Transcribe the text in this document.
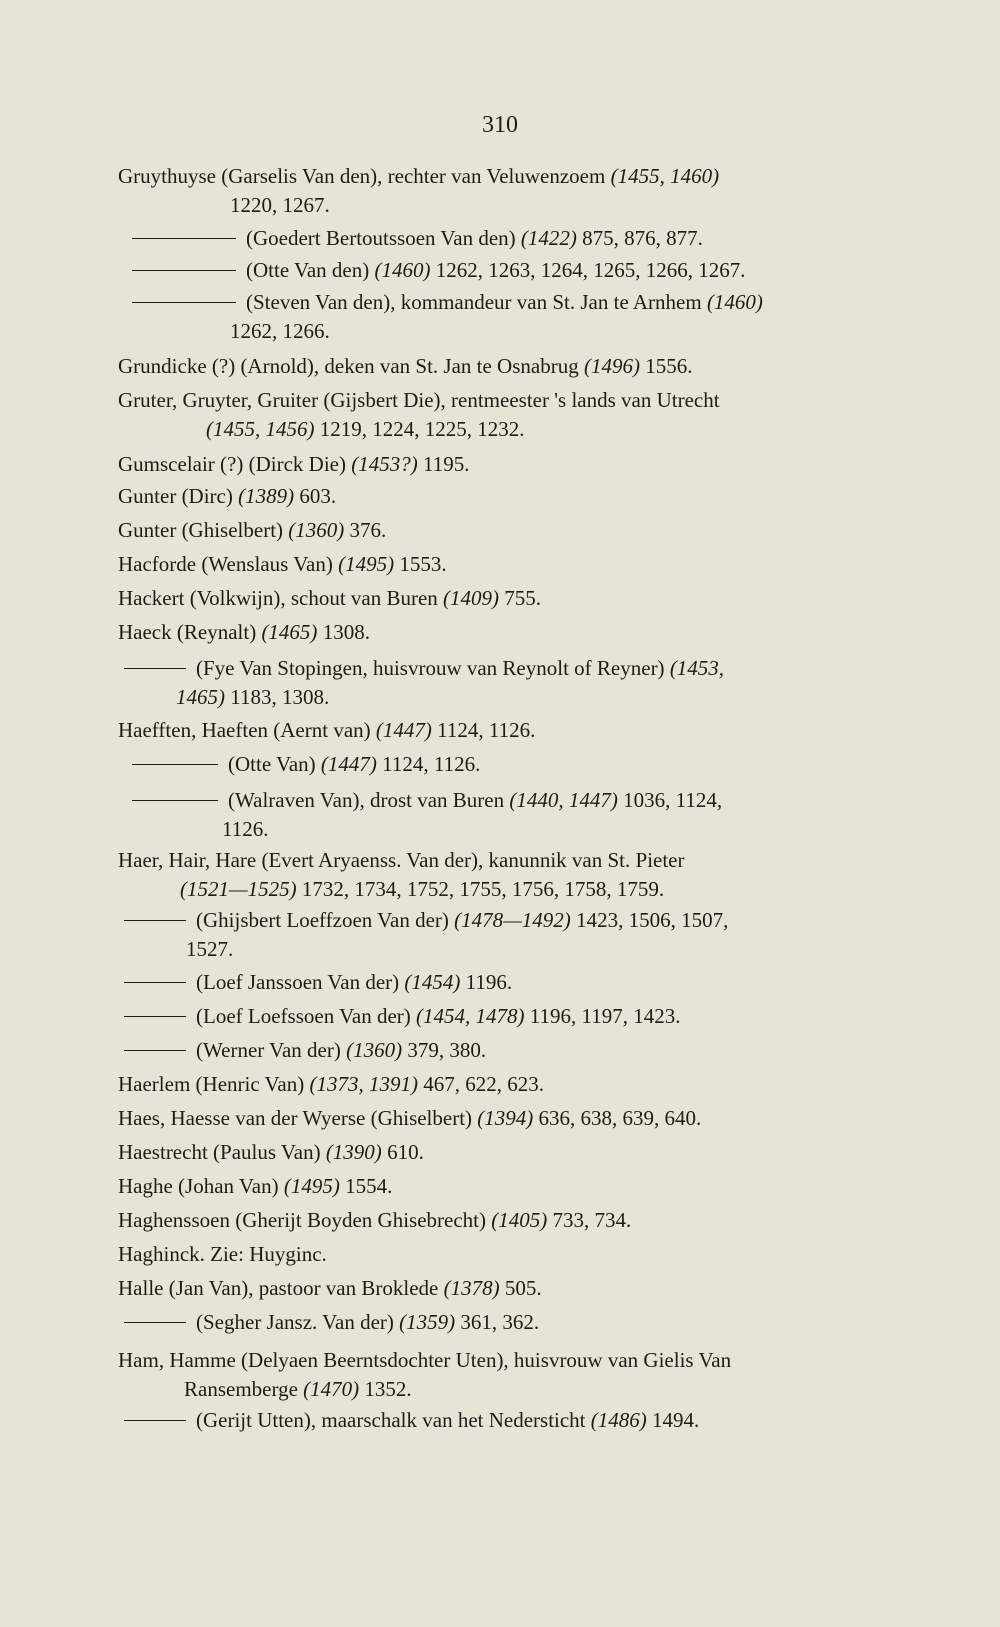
310
Gruythuyse (Garselis Van den), rechter van Veluwenzoem (1455, 1460)
1220, 1267.
(Goedert Bertoutssoen Van den) (1422) 875, 876, 877.
(Otte Van den) (1460) 1262, 1263, 1264, 1265, 1266, 1267.
(Steven Van den), kommandeur van St. Jan te Arnhem (1460)
1262, 1266.
Grundicke (?) (Arnold), deken van St. Jan te Osnabrug (1496) 1556.
Gruter, Gruyter, Gruiter (Gijsbert Die), rentmeester 's lands van Utrecht
(1455, 1456) 1219, 1224, 1225, 1232.
Gumscelair (?) (Dirck Die) (1453?) 1195.
Gunter (Dirc) (1389) 603.
Gunter (Ghiselbert) (1360) 376.
Hacforde (Wenslaus Van) (1495) 1553.
Hackert (Volkwijn), schout van Buren (1409) 755.
Haeck (Reynalt) (1465) 1308.
(Fye Van Stopingen, huisvrouw van Reynolt of Reyner) (1453,
1465) 1183, 1308.
Haefften, Haeften (Aernt van) (1447) 1124, 1126.
(Otte Van) (1447) 1124, 1126.
(Walraven Van), drost van Buren (1440, 1447) 1036, 1124,
1126.
Haer, Hair, Hare (Evert Aryaenss. Van der), kanunnik van St. Pieter
(1521—1525) 1732, 1734, 1752, 1755, 1756, 1758, 1759.
(Ghijsbert Loeffzoen Van der) (1478—1492) 1423, 1506, 1507,
1527.
(Loef Janssoen Van der) (1454) 1196.
(Loef Loefssoen Van der) (1454, 1478) 1196, 1197, 1423.
(Werner Van der) (1360) 379, 380.
Haerlem (Henric Van) (1373, 1391) 467, 622, 623.
Haes, Haesse van der Wyerse (Ghiselbert) (1394) 636, 638, 639, 640.
Haestrecht (Paulus Van) (1390) 610.
Haghe (Johan Van) (1495) 1554.
Haghenssoen (Gherijt Boyden Ghisebrecht) (1405) 733, 734.
Haghinck. Zie: Huyginc.
Halle (Jan Van), pastoor van Broklede (1378) 505.
(Segher Jansz. Van der) (1359) 361, 362.
Ham, Hamme (Delyaen Beerntsdochter Uten), huisvrouw van Gielis Van
Ransemberge (1470) 1352.
(Gerijt Utten), maarschalk van het Nedersticht (1486) 1494.
